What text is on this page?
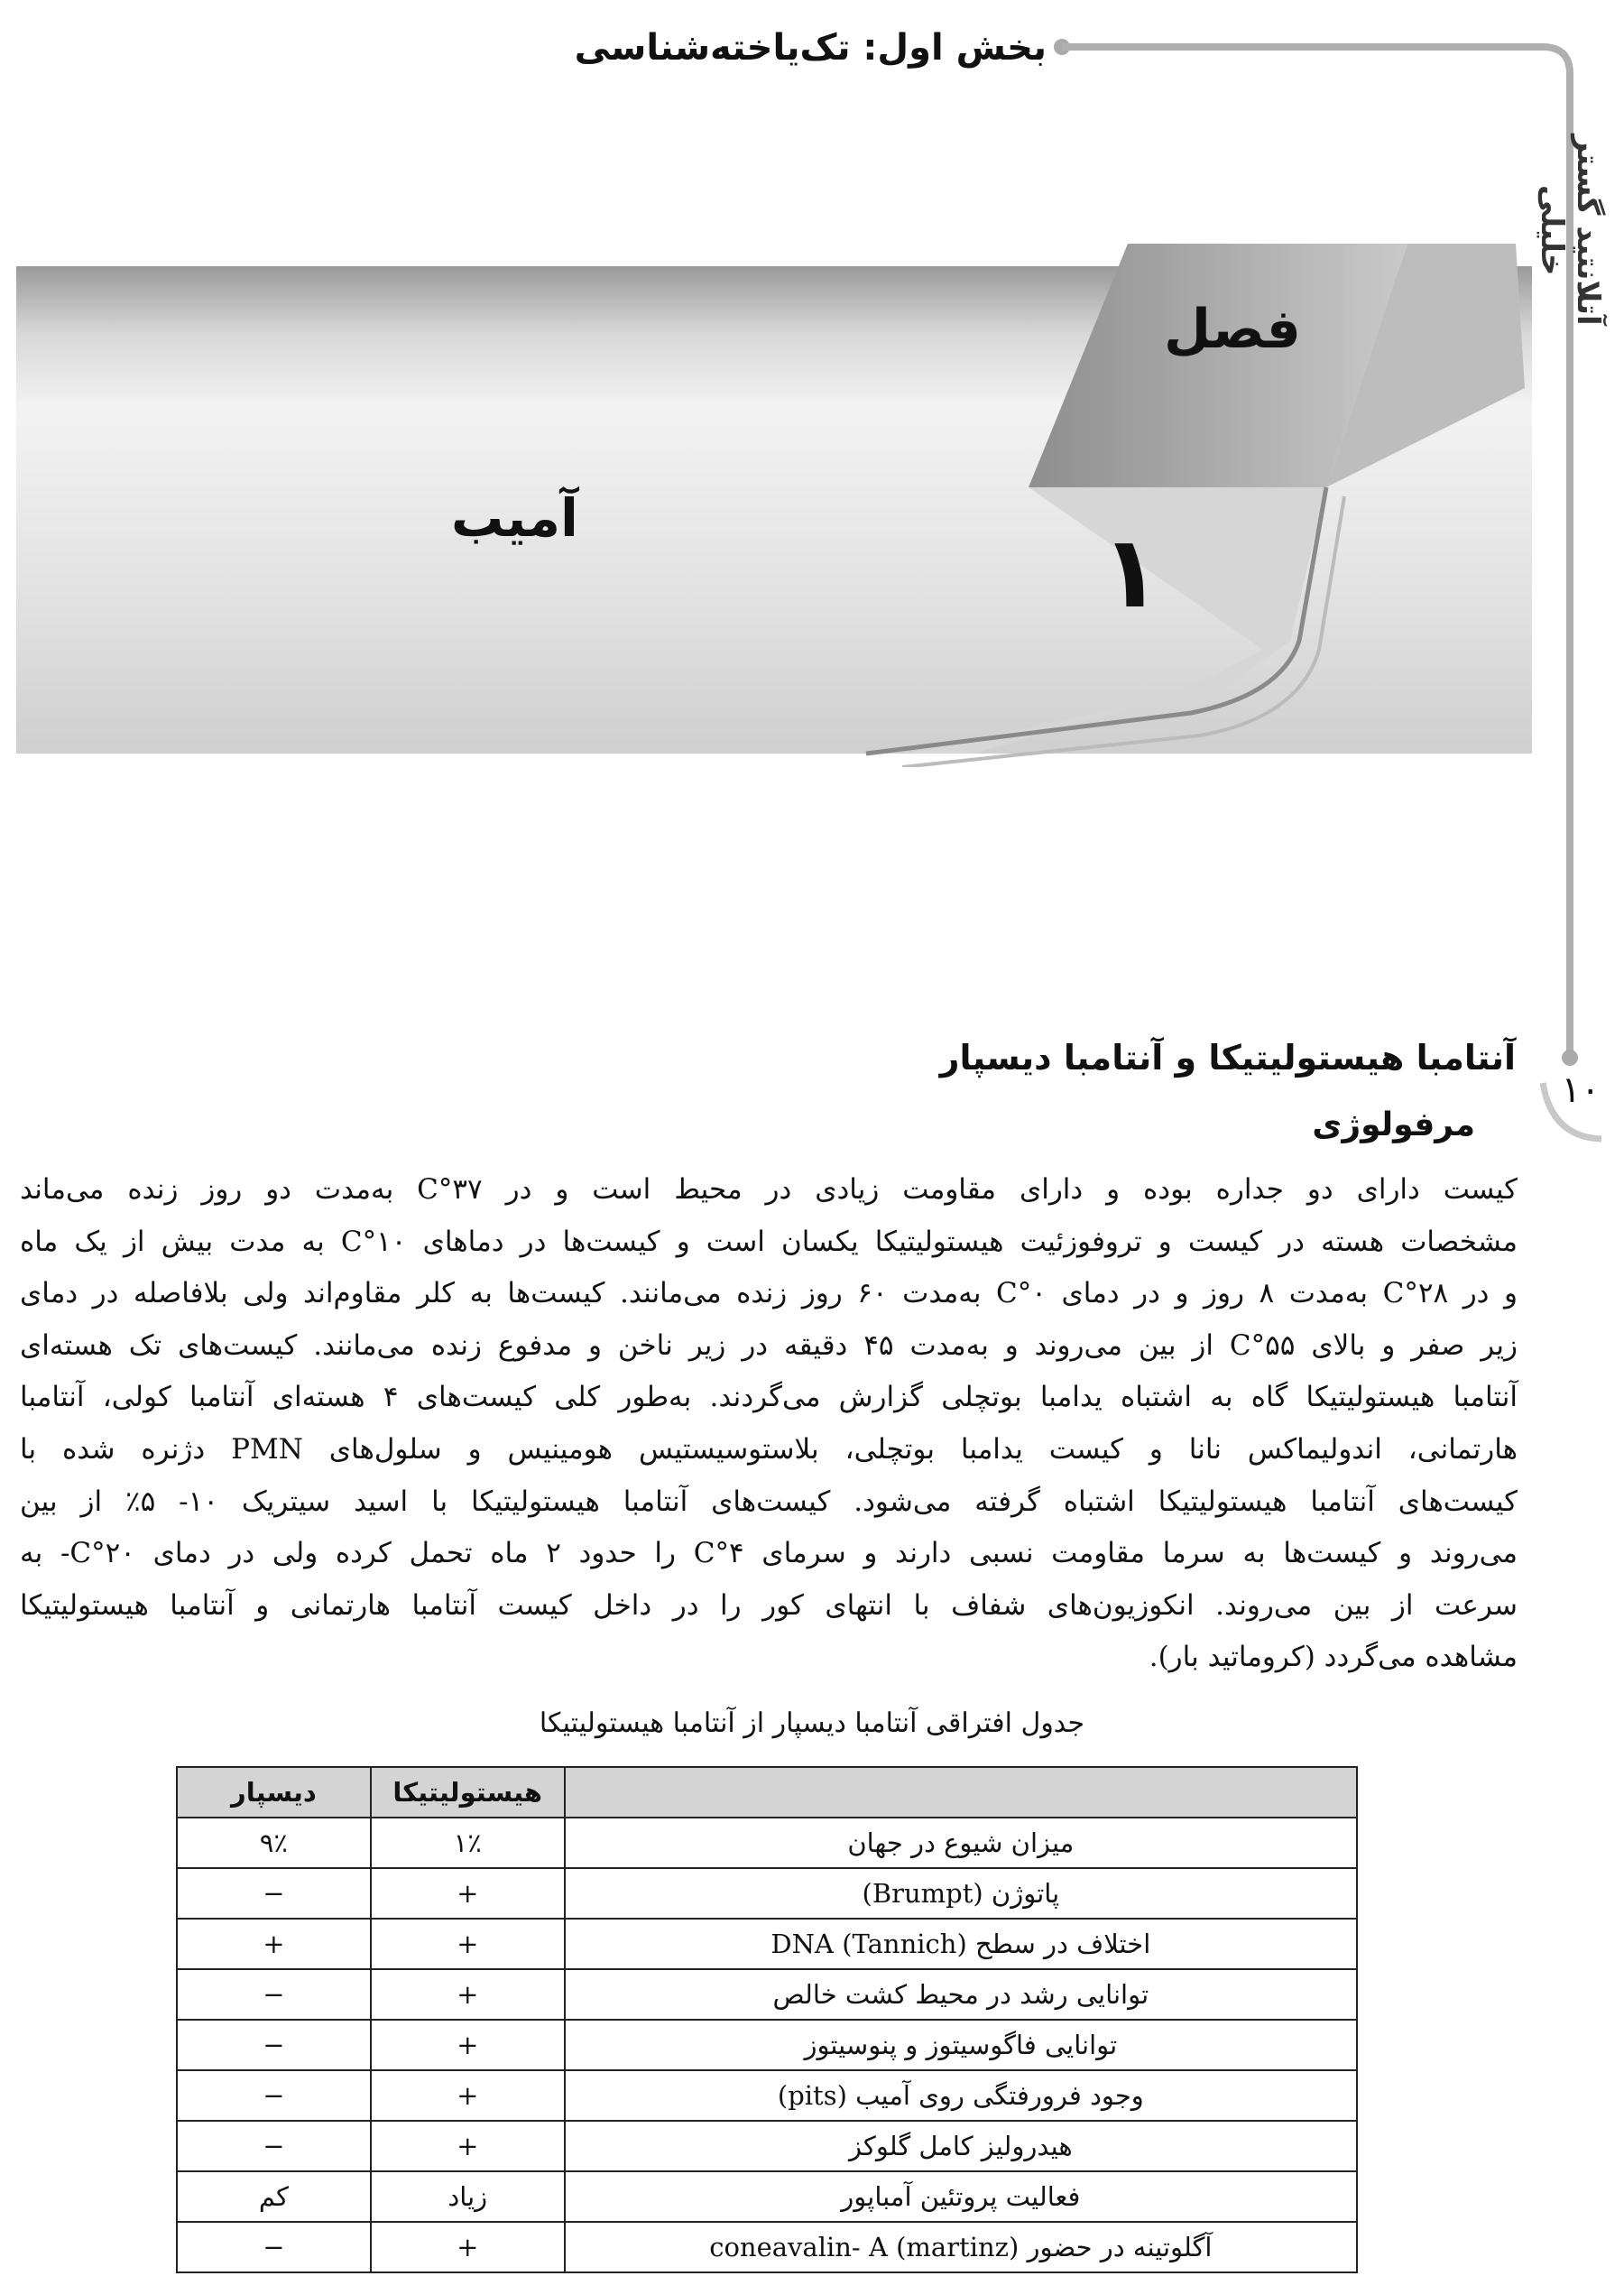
بخش اول: تک‌یاخته‌شناسی
آتلانتید گستر خلیلی
۱۰
فصل
۱
آمیب
آنتامبا هیستولیتیکا و آنتامبا دیسپار
مرفولوژی
کیست دارای دو جداره بوده و دارای مقاومت زیادی در محیط است و در ۳۷°C به‌مدت دو روز زنده می‌ماند
مشخصات هسته در کیست و تروفوزئیت هیستولیتیکا یکسان است و کیست‌ها در دماهای ۱۰°C به مدت بیش از یک ماه
و در ۲۸°C به‌مدت ۸ روز و در دمای ۰°C به‌مدت ۶۰ روز زنده می‌مانند. کیست‌ها به کلر مقاوم‌اند ولی بلافاصله در دمای
زیر صفر و بالای ۵۵°C از بین می‌روند و به‌مدت ۴۵ دقیقه در زیر ناخن و مدفوع زنده می‌مانند. کیست‌های تک هسته‌ای
آنتامبا هیستولیتیکا گاه به اشتباه یدامبا بوتچلی گزارش می‌گردند. به‌طور کلی کیست‌های ۴ هسته‌ای آنتامبا کولی، آنتامبا
هارتمانی، اندولیماکس نانا و کیست یدامبا بوتچلی، بلاستوسیستیس هومینیس و سلول‌های PMN دژنره شده با
کیست‌های آنتامبا هیستولیتیکا اشتباه گرفته می‌شود. کیست‌های آنتامبا هیستولیتیکا با اسید سیتریک ۱۰- ۵٪ از بین
می‌روند و کیست‌ها به سرما مقاومت نسبی دارند و سرمای ۴°C را حدود ۲ ماه تحمل کرده ولی در دمای ۲۰°C- به
سرعت از بین می‌روند. انکوزیون‌های شفاف با انتهای کور را در داخل کیست آنتامبا هارتمانی و آنتامبا هیستولیتیکا
مشاهده می‌گردد (کروماتید بار).
جدول افتراقی آنتامبا دیسپار از آنتامبا هیستولیتیکا
	هیستولیتیکا	دیسپار
میزان شیوع در جهان	۱٪	۹٪
پاتوژن (Brumpt)	+	−
اختلاف در سطح DNA (Tannich)	+	+
توانایی رشد در محیط کشت خالص	+	−
توانایی فاگوسیتوز و پنوسیتوز	+	−
وجود فرورفتگی روی آمیب (pits)	+	−
هیدرولیز کامل گلوکز	+	−
فعالیت پروتئین آمباپور	زیاد	کم
آگلوتینه در حضور coneavalin- A (martinz)	+	−
